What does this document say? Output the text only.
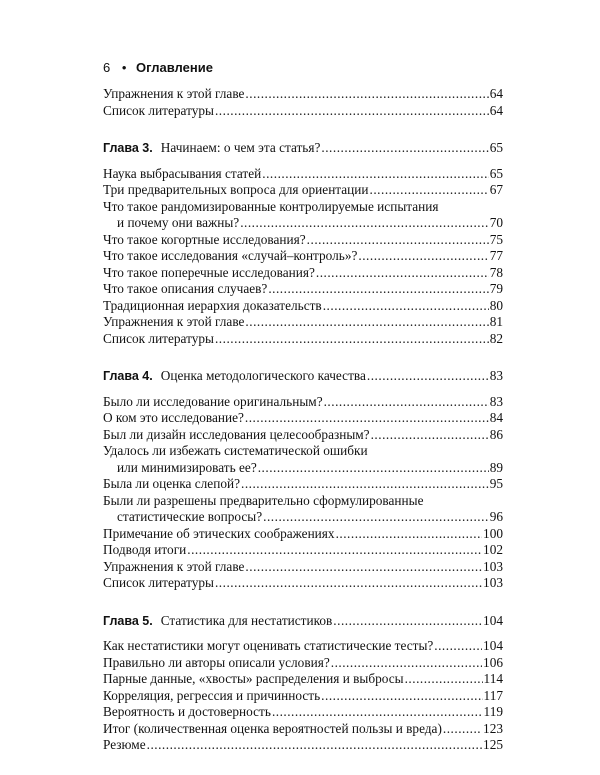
6 • Оглавление
Упражнения к этой главе .....	64
Список литературы .....	64
Глава 3. Начинаем: о чем эта статья? .....	65
Наука выбрасывания статей .....	65
Три предварительных вопроса для ориентации .....	67
Что такое рандомизированные контролируемые испытания
и почему они важны? .....	70
Что такое когортные исследования? .....	75
Что такое исследования «случай–контроль»? .....	77
Что такое поперечные исследования? .....	78
Что такое описания случаев? .....	79
Традиционная иерархия доказательств .....	80
Упражнения к этой главе .....	81
Список литературы .....	82
Глава 4. Оценка методологического качества .....	83
Было ли исследование оригинальным? .....	83
О ком это исследование? .....	84
Был ли дизайн исследования целесообразным? .....	86
Удалось ли избежать систематической ошибки
или минимизировать ее? .....	89
Была ли оценка слепой? .....	95
Были ли разрешены предварительно сформулированные
статистические вопросы? .....	96
Примечание об этических соображениях .....	100
Подводя итоги .....	102
Упражнения к этой главе .....	103
Список литературы .....	103
Глава 5. Статистика для нестатистиков .....	104
Как нестатистики могут оценивать статистические тесты? .....	104
Правильно ли авторы описали условия? .....	106
Парные данные, «хвосты» распределения и выбросы .....	114
Корреляция, регрессия и причинность .....	117
Вероятность и достоверность .....	119
Итог (количественная оценка вероятностей пользы и вреда) .....	123
Резюме .....	125
